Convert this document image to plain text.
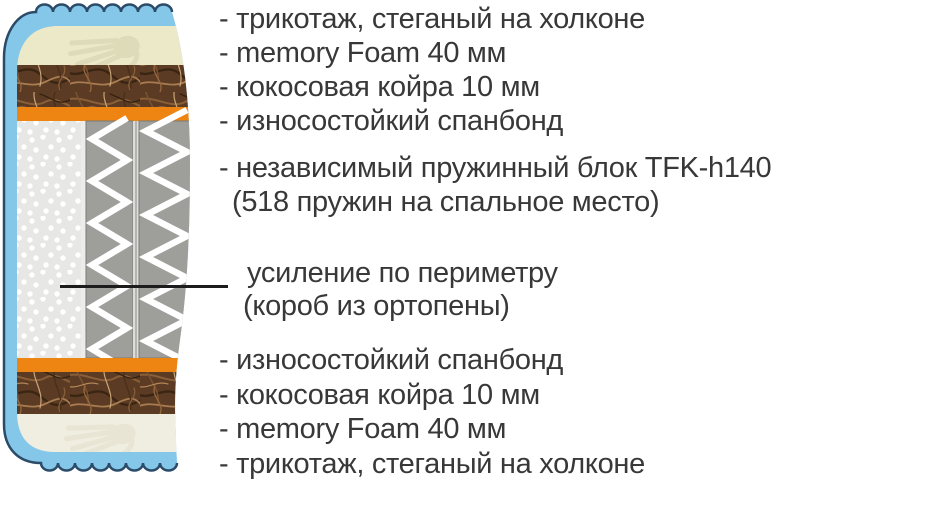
- трикотаж, стеганый на холконе
- memory Foam 40 мм
- кокосовая койра 10 мм
- износостойкий спанбонд
- независимый пружинный блок TFK-h140
(518 пружин на спальное место)
усиление по периметру
(короб из ортопены)
- износостойкий спанбонд
- кокосовая койра 10 мм
- memory Foam 40 мм
- трикотаж, стеганый на холконе
